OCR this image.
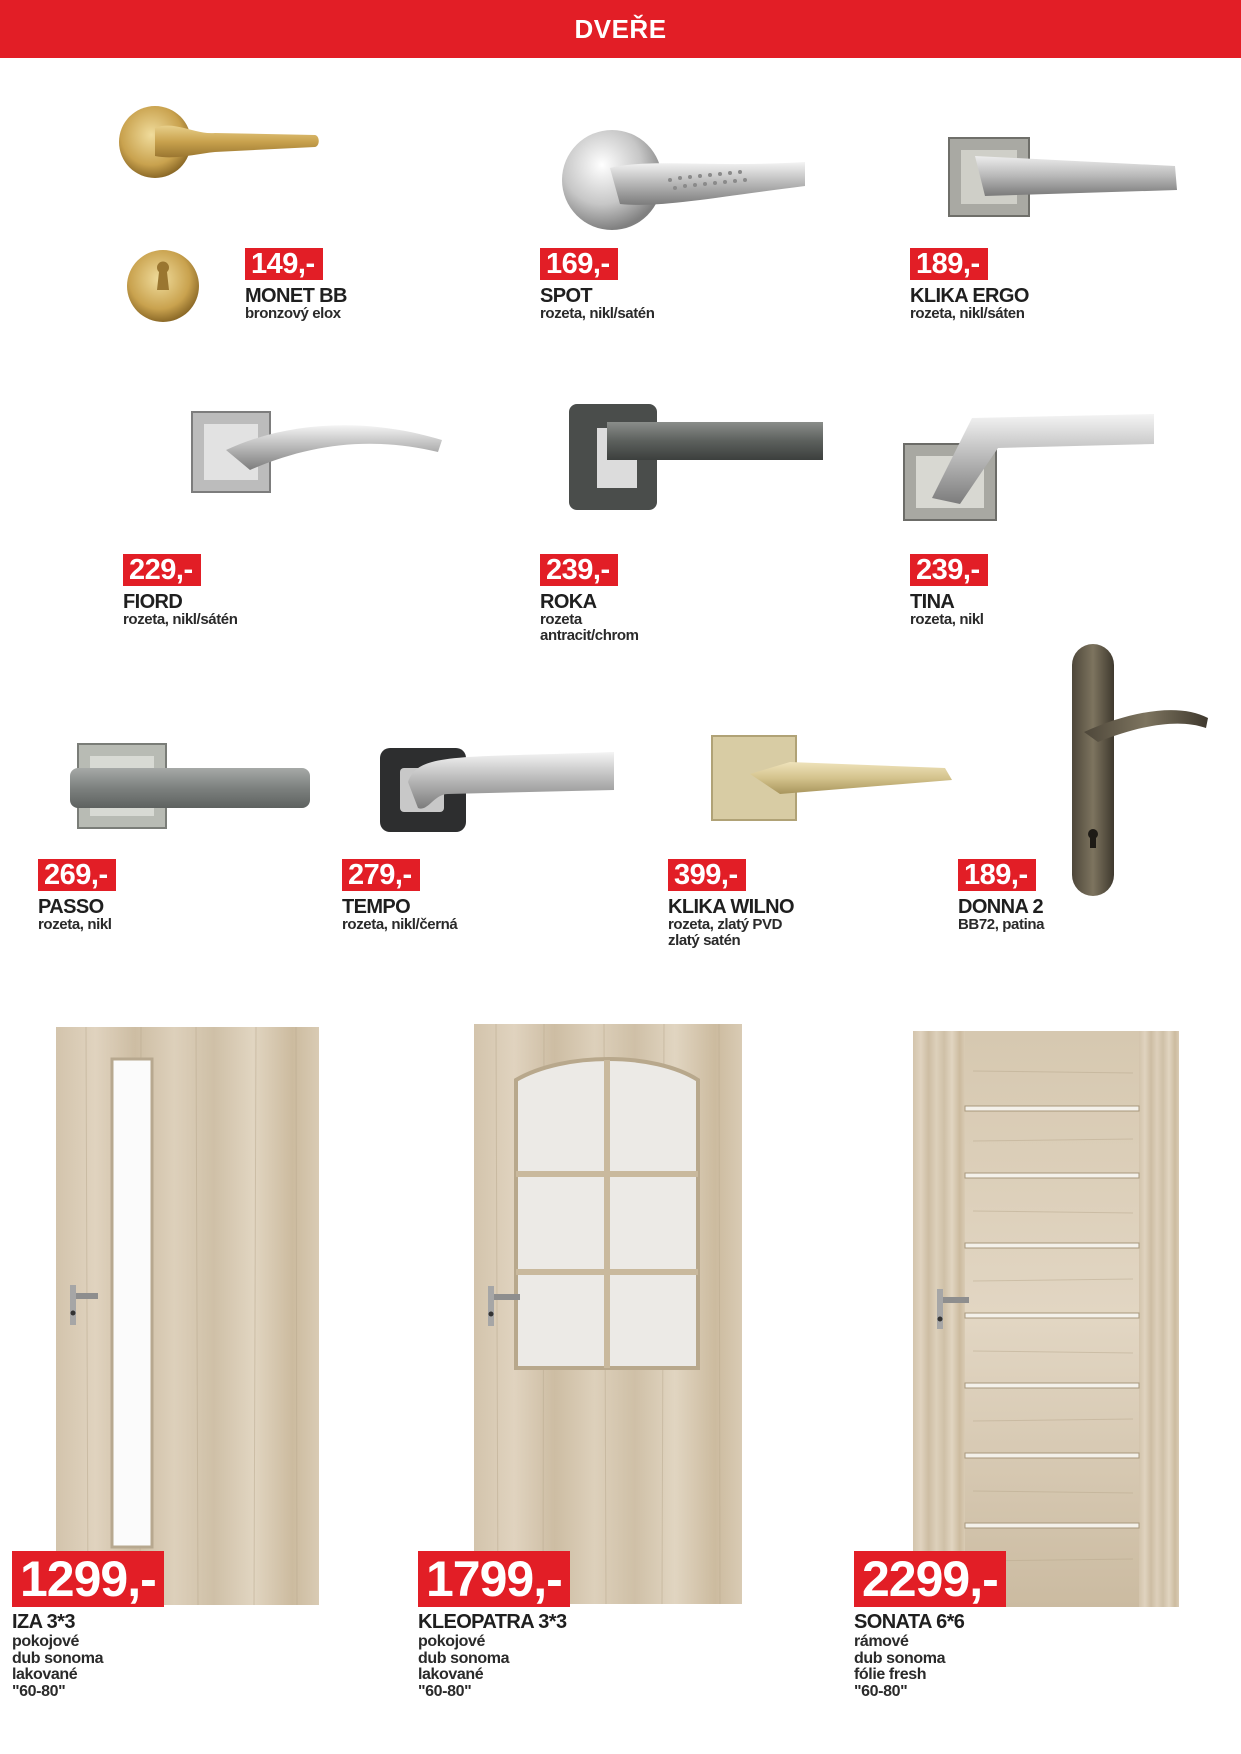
DVEŘE
149,-
MONET BB
bronzový elox
169,-
SPOT
rozeta, nikl/satén
189,-
KLIKA ERGO
rozeta, nikl/sáten
229,-
FIORD
rozeta, nikl/sátén
239,-
ROKA
rozeta
antracit/chrom
239,-
TINA
rozeta, nikl
269,-
PASSO
rozeta, nikl
279,-
TEMPO
rozeta, nikl/černá
399,-
KLIKA WILNO
rozeta, zlatý PVD
zlatý satén
189,-
DONNA 2
BB72, patina
1299,-
IZA 3*3
pokojové
dub sonoma
lakované
"60-80"
1799,-
KLEOPATRA 3*3
pokojové
dub sonoma
lakované
"60-80"
2299,-
SONATA 6*6
rámové
dub sonoma
fólie fresh
"60-80"
